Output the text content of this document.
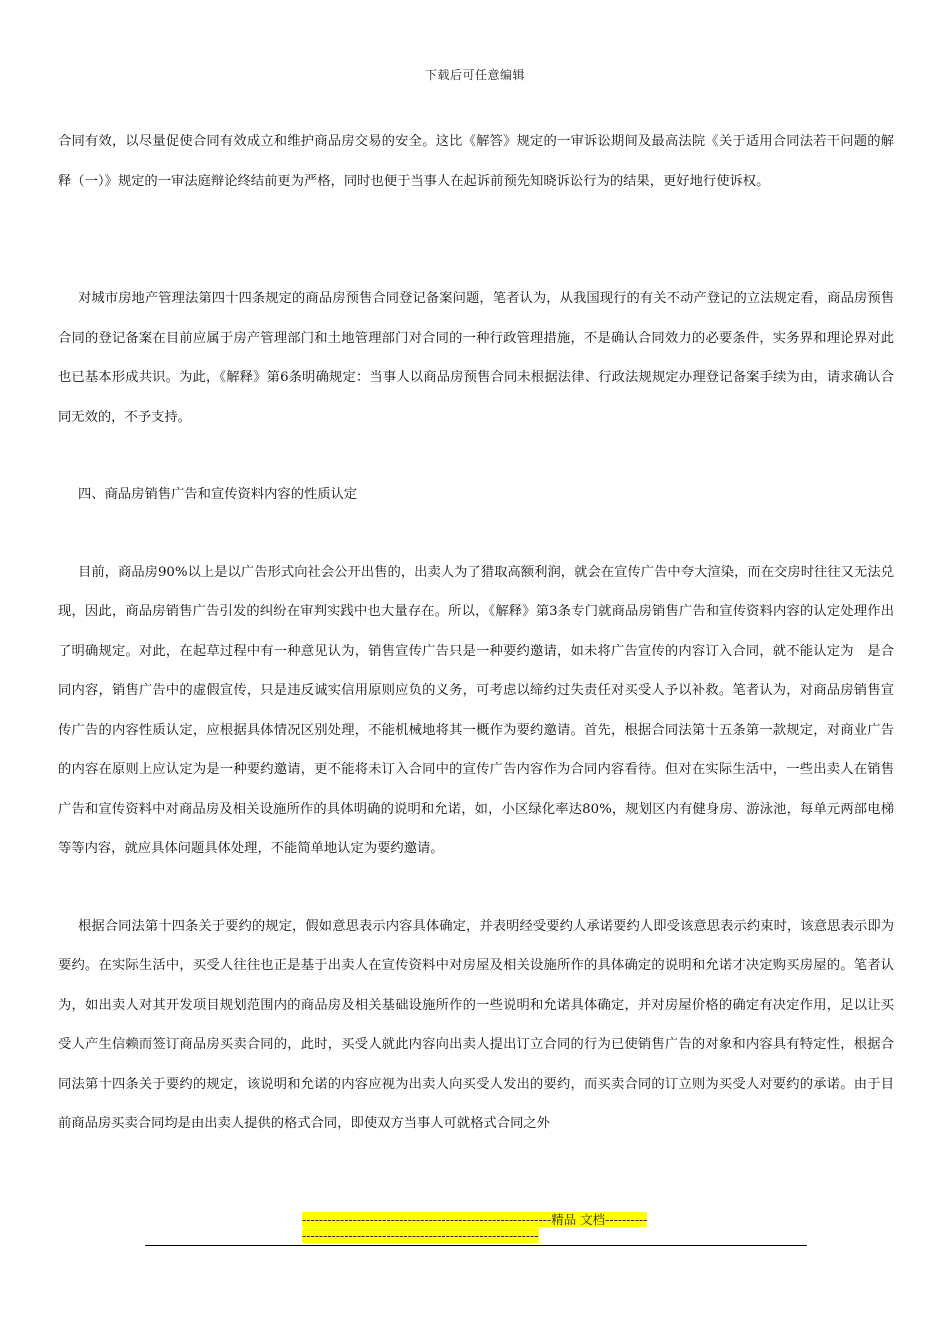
下载后可任意编辑

合同有效，以尽量促使合同有效成立和维护商品房交易的安全。这比《解答》规定的一审诉讼期间及最高法院《关于适用合同法若干问题的解释（一）》规定的一审法庭辩论终结前更为严格，同时也便于当事人在起诉前预先知晓诉讼行为的结果，更好地行使诉权。

对城市房地产管理法第四十四条规定的商品房预售合同登记备案问题，笔者认为，从我国现行的有关不动产登记的立法规定看，商品房预售合同的登记备案在目前应属于房产管理部门和土地管理部门对合同的一种行政管理措施，不是确认合同效力的必要条件，实务界和理论界对此也已基本形成共识。为此，《解释》第6条明确规定：当事人以商品房预售合同未根据法律、行政法规规定办理登记备案手续为由，请求确认合同无效的，不予支持。

四、商品房销售广告和宣传资料内容的性质认定

目前，商品房90%以上是以广告形式向社会公开出售的，出卖人为了猎取高额利润，就会在宣传广告中夸大渲染，而在交房时往往又无法兑现，因此，商品房销售广告引发的纠纷在审判实践中也大量存在。所以，《解释》第3条专门就商品房销售广告和宣传资料内容的认定处理作出了明确规定。对此，在起草过程中有一种意见认为，销售宣传广告只是一种要约邀请，如未将广告宣传的内容订入合同，就不能认定为　是合同内容，销售广告中的虚假宣传，只是违反诚实信用原则应负的义务，可考虑以缔约过失责任对买受人予以补救。笔者认为，对商品房销售宣传广告的内容性质认定，应根据具体情况区别处理，不能机械地将其一概作为要约邀请。首先，根据合同法第十五条第一款规定，对商业广告的内容在原则上应认定为是一种要约邀请，更不能将未订入合同中的宣传广告内容作为合同内容看待。但对在实际生活中，一些出卖人在销售广告和宣传资料中对商品房及相关设施所作的具体明确的说明和允诺，如，小区绿化率达80%，规划区内有健身房、游泳池，每单元两部电梯等等内容，就应具体问题具体处理，不能简单地认定为要约邀请。

根据合同法第十四条关于要约的规定，假如意思表示内容具体确定，并表明经受要约人承诺要约人即受该意思表示约束时，该意思表示即为要约。在实际生活中，买受人往往也正是基于出卖人在宣传资料中对房屋及相关设施所作的具体确定的说明和允诺才决定购买房屋的。笔者认为，如出卖人对其开发项目规划范围内的商品房及相关基础设施所作的一些说明和允诺具体确定，并对房屋价格的确定有决定作用，足以让买受人产生信赖而签订商品房买卖合同的，此时，买受人就此内容向出卖人提出订立合同的行为已使销售广告的对象和内容具有特定性，根据合同法第十四条关于要约的规定，该说明和允诺的内容应视为出卖人向买受人发出的要约，而买卖合同的订立则为买受人对要约的承诺。由于目前商品房买卖合同均是由出卖人提供的格式合同，即使双方当事人可就格式合同之外

-----------------------------------------------------------精品 文档------------------------------------------------------------------
